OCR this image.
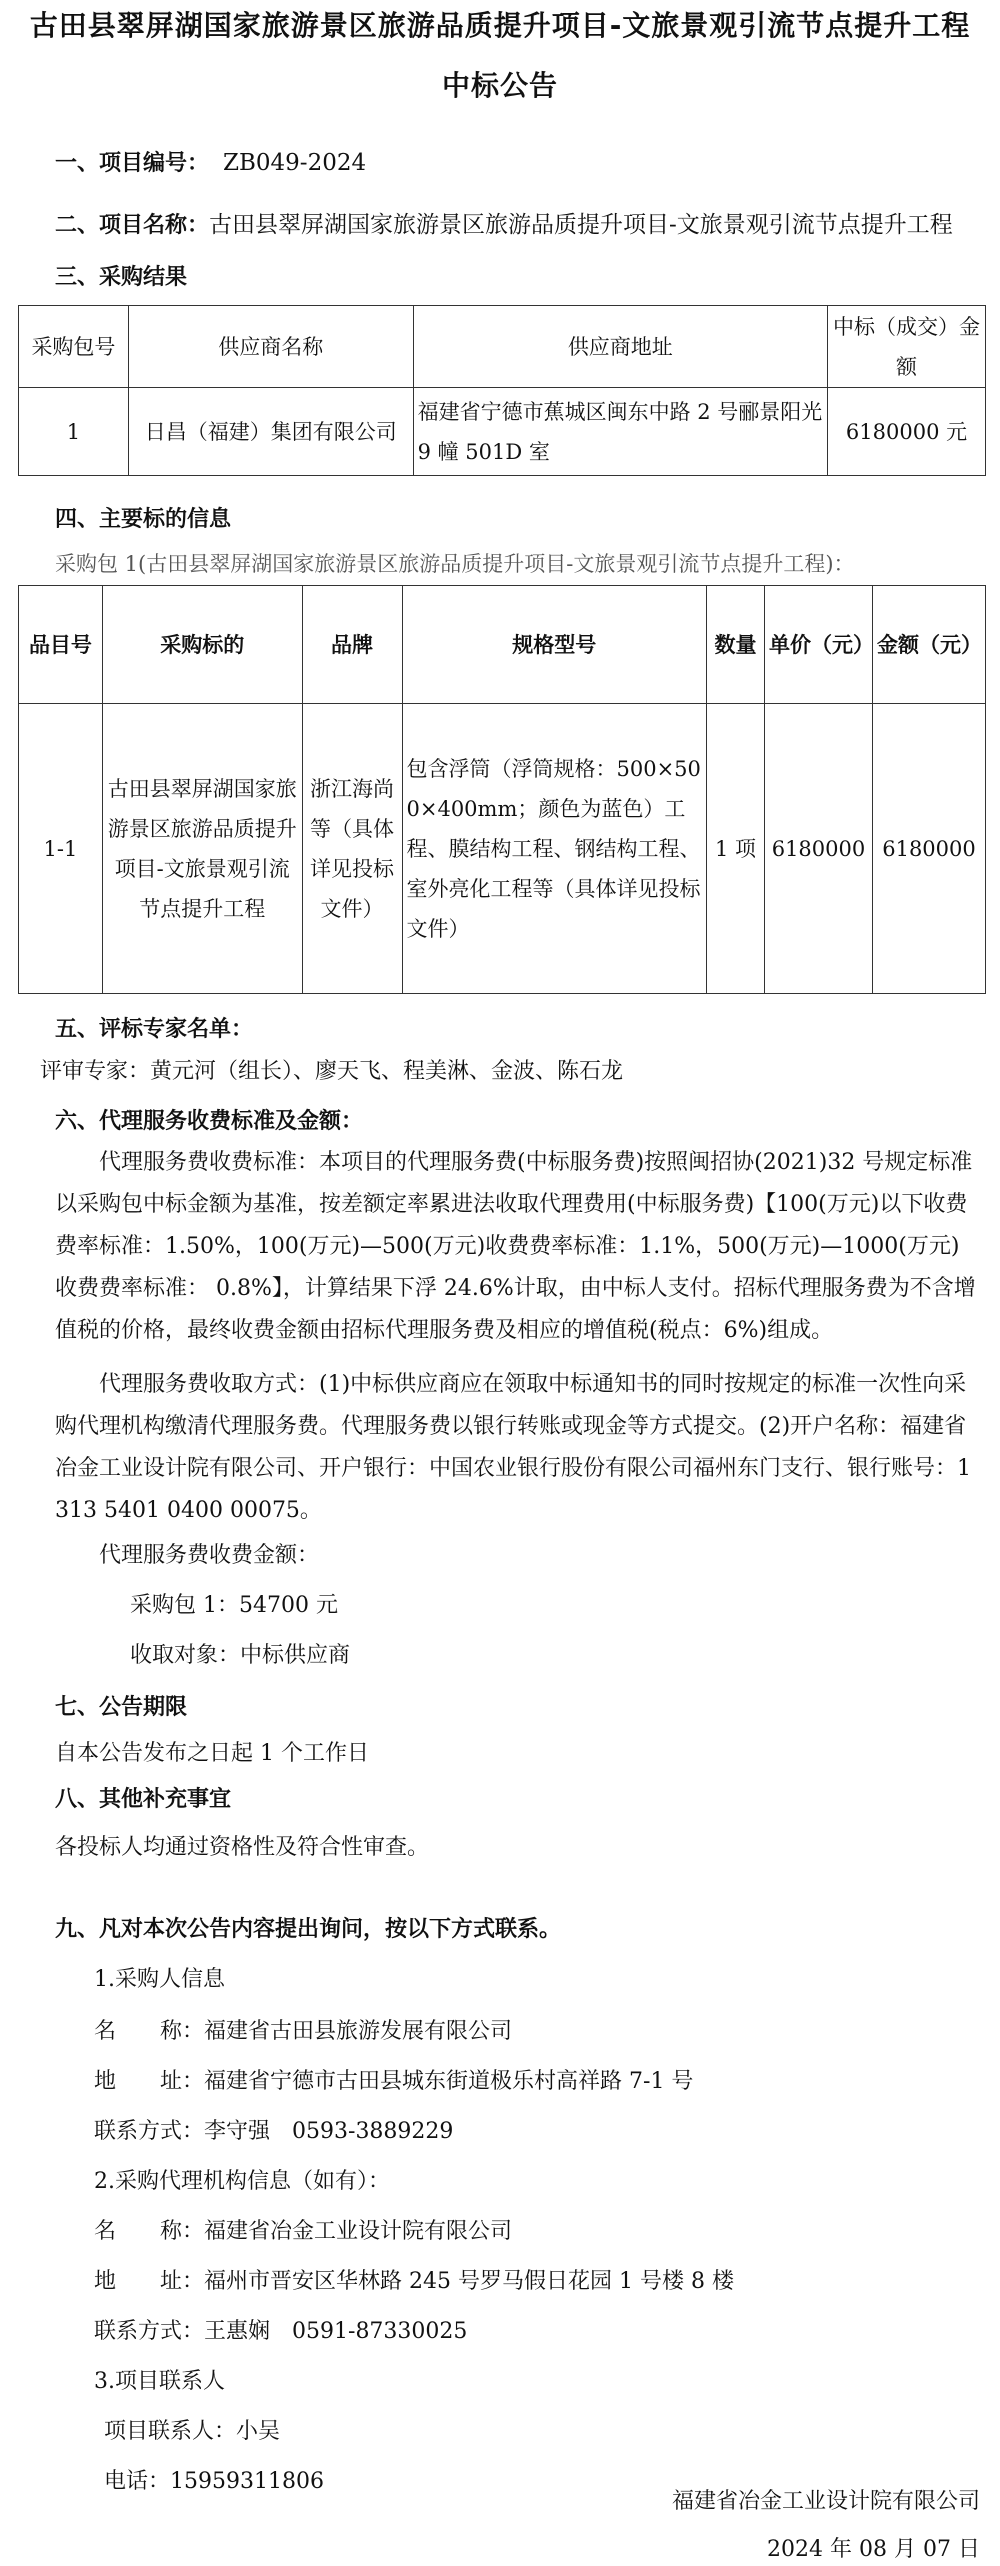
古田县翠屏湖国家旅游景区旅游品质提升项目-文旅景观引流节点提升工程
中标公告
一、项目编号： ZB049-2024
二、项目名称：古田县翠屏湖国家旅游景区旅游品质提升项目-文旅景观引流节点提升工程
三、采购结果
采购包号	供应商名称	供应商地址	中标（成交）金额
1	日昌（福建）集团有限公司	福建省宁德市蕉城区闽东中路 2 号郦景阳光 9 幢 501D 室	6180000 元
四、主要标的信息
采购包 1(古田县翠屏湖国家旅游景区旅游品质提升项目-文旅景观引流节点提升工程)：
品目号	采购标的	品牌	规格型号	数量	单价（元）	金额（元）
1-1	古田县翠屏湖国家旅游景区旅游品质提升项目-文旅景观引流节点提升工程	浙江海尚等（具体详见投标文件）	包含浮筒（浮筒规格：500×500×400mm；颜色为蓝色）工程、膜结构工程、钢结构工程、室外亮化工程等（具体详见投标文件）	1 项	6180000	6180000
五、评标专家名单：
评审专家：黄元河（组长）、廖天飞、程美淋、金波、陈石龙
六、代理服务收费标准及金额：
代理服务费收费标准：本项目的代理服务费(中标服务费)按照闽招协(2021)32 号规定标准以采购包中标金额为基准，按差额定率累进法收取代理费用(中标服务费)【100(万元)以下收费费率标准：1.50%，100(万元)—500(万元)收费费率标准：1.1%，500(万元)—1000(万元)收费费率标准： 0.8%】，计算结果下浮 24.6%计取，由中标人支付。招标代理服务费为不含增值税的价格，最终收费金额由招标代理服务费及相应的增值税(税点：6%)组成。
代理服务费收取方式：(1)中标供应商应在领取中标通知书的同时按规定的标准一次性向采购代理机构缴清代理服务费。代理服务费以银行转账或现金等方式提交。(2)开户名称：福建省冶金工业设计院有限公司、开户银行：中国农业银行股份有限公司福州东门支行、银行账号：1313 5401 0400 00075。
代理服务费收费金额：
采购包 1：54700 元
收取对象：中标供应商
七、公告期限
自本公告发布之日起 1 个工作日
八、其他补充事宜
各投标人均通过资格性及符合性审查。
九、凡对本次公告内容提出询问，按以下方式联系。
1.采购人信息
名　　称：福建省古田县旅游发展有限公司
地　　址：福建省宁德市古田县城东街道极乐村高祥路 7-1 号
联系方式：李守强　0593-3889229
2.采购代理机构信息（如有）：
名　　称：福建省冶金工业设计院有限公司
地　　址：福州市晋安区华林路 245 号罗马假日花园 1 号楼 8 楼
联系方式：王惠娴　0591-87330025
3.项目联系人
项目联系人：小吴
电话：15959311806
福建省冶金工业设计院有限公司
2024 年 08 月 07 日
